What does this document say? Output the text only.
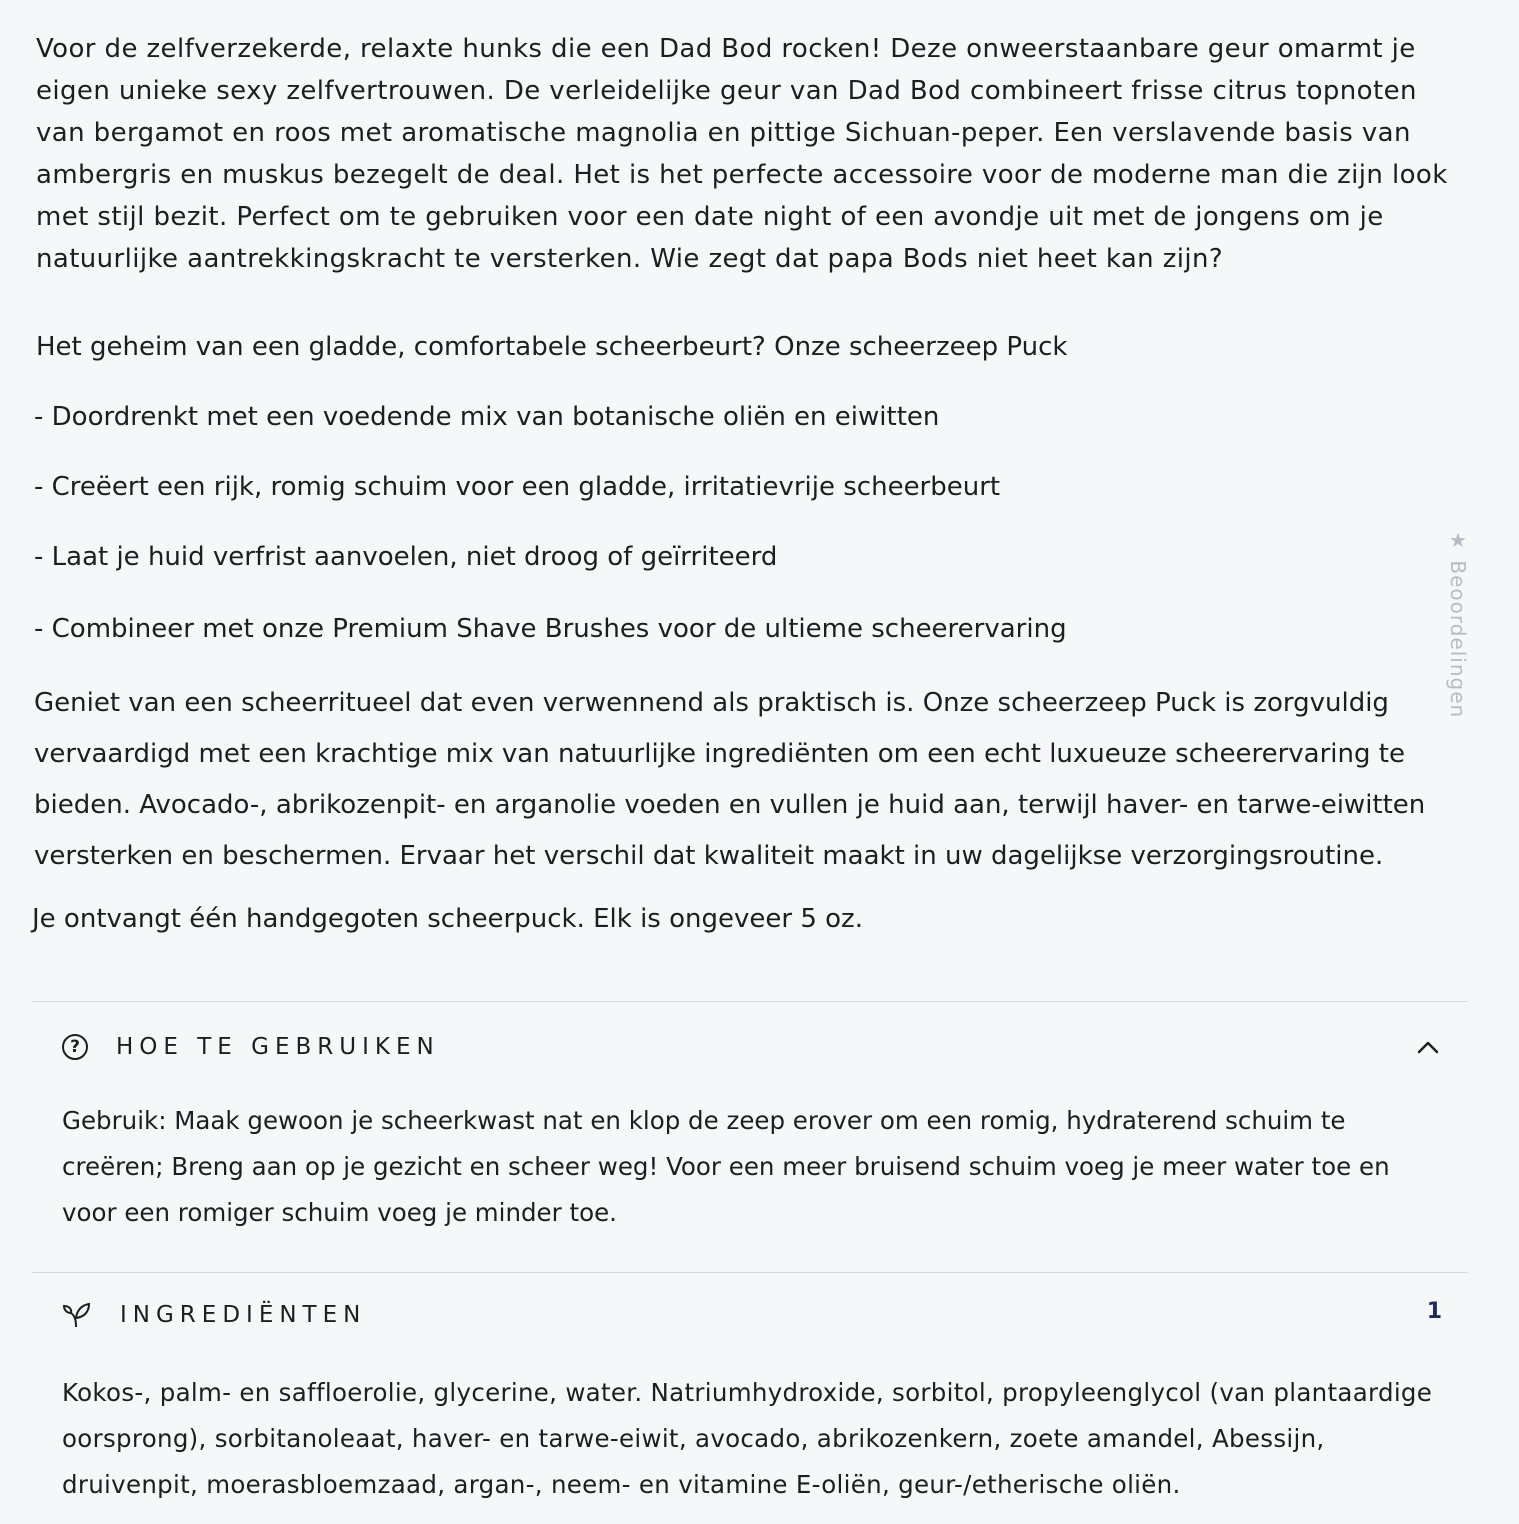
Voor de zelfverzekerde, relaxte hunks die een Dad Bod rocken! Deze onweerstaanbare geur omarmt je eigen unieke sexy zelfvertrouwen. De verleidelijke geur van Dad Bod combineert frisse citrus topnoten van bergamot en roos met aromatische magnolia en pittige Sichuan-peper. Een verslavende basis van ambergris en muskus bezegelt de deal. Het is het perfecte accessoire voor de moderne man die zijn look met stijl bezit. Perfect om te gebruiken voor een date night of een avondje uit met de jongens om je natuurlijke aantrekkingskracht te versterken. Wie zegt dat papa Bods niet heet kan zijn?

Het geheim van een gladde, comfortabele scheerbeurt? Onze scheerzeep Puck

- Doordrenkt met een voedende mix van botanische oliën en eiwitten

- Creëert een rijk, romig schuim voor een gladde, irritatievrije scheerbeurt

- Laat je huid verfrist aanvoelen, niet droog of geïrriteerd

- Combineer met onze Premium Shave Brushes voor de ultieme scheerervaring

Geniet van een scheerritueel dat even verwennend als praktisch is. Onze scheerzeep Puck is zorgvuldig vervaardigd met een krachtige mix van natuurlijke ingrediënten om een echt luxueuze scheerervaring te bieden. Avocado-, abrikozenpit- en arganolie voeden en vullen je huid aan, terwijl haver- en tarwe-eiwitten versterken en beschermen. Ervaar het verschil dat kwaliteit maakt in uw dagelijkse verzorgingsroutine.

Je ontvangt één handgegoten scheerpuck. Elk is ongeveer 5 oz.

?	HOE TE GEBRUIKEN

Gebruik: Maak gewoon je scheerkwast nat en klop de zeep erover om een romig, hydraterend schuim te creëren; Breng aan op je gezicht en scheer weg! Voor een meer bruisend schuim voeg je meer water toe en voor een romiger schuim voeg je minder toe.

INGREDIËNTEN	1

Kokos-, palm- en saffloerolie, glycerine, water. Natriumhydroxide, sorbitol, propyleenglycol (van plantaardige oorsprong), sorbitanoleaat, haver- en tarwe-eiwit, avocado, abrikozenkern, zoete amandel, Abessijn, druivenpit, moerasbloemzaad, argan-, neem- en vitamine E-oliën, geur-/etherische oliën.

★ Beoordelingen
